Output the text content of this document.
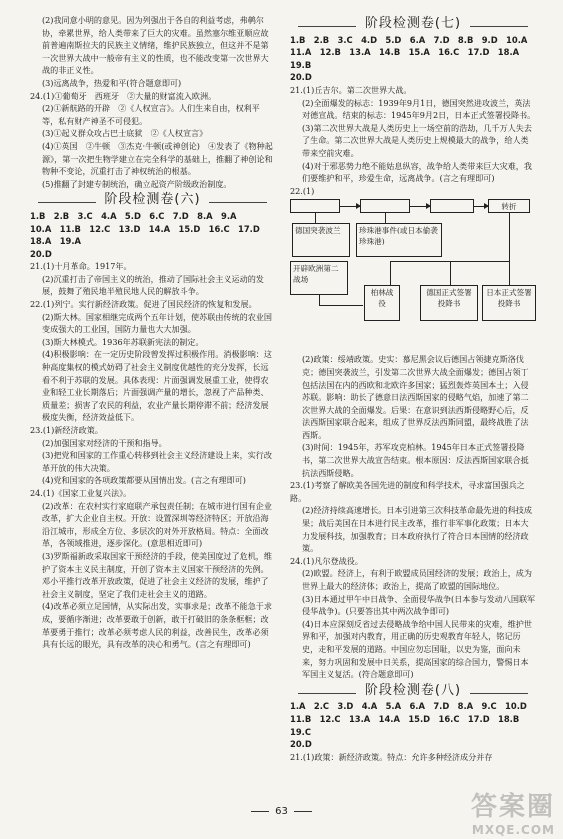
(2)我同意小明的意见。因为列强出于各自的利益考虑，弗鹌尔协，牵累世界，给人类带来了巨大的灾难。虽然塞尔维亚顺应故前普遍南斯拉夫的民族主义情绪，维护民族独立，但这并不是第一次世界大战中一般帝有主义的性质，也不能改变第一次世界大战的非正义性。

(3)远离战争，热爱和平(符合题意即可)

24.(1)①葡萄牙　西班牙　②大量的财富流入欧洲。

(2)①新航路的开辟　②《人权宣言》。人们生来自由，权利平等，私有财产神圣不可侵犯。

(3)①起义群众攻占巴士底狱　②《人权宣言》

(4)①英国　②牛顿　③杰克·牛顿(或神创论)　④发表了《物种起源》，第一次把生物学建立在完全科学的基础上，推翻了神创论和物种不变论，沉重打击了神权统治的根基。

(5)推翻了封建专制统治，确立起资产阶级政治制度。

阶段检测卷(六)

1.B　2.B　3.C　4.A　5.D　6.C　7.D　8.A　9.A

10.A　11.B　12.C　13.D　14.A　15.D　16.C　17.D　18.A　19.A

20.D

21.(1)十月革命。1917年。

(2)沉重打击了帝国主义的统治，推动了国际社会主义运动的发展，鼓舞了殖民地半殖民地人民的解放斗争。

22.(1)列宁。实行新经济政策。促进了国民经济的恢复和发展。

(2)斯大林。国家相继完成两个五年计划，使苏联由传统的农业国变成强大的工业国，国防力量也大大加强。

(3)斯大林模式。1936年苏联新宪法的制定。

(4)积极影响：在一定历史阶段曾发挥过积极作用。消极影响：这种高度集权的模式妨碍了社会主义制度优越性的充分发挥，长远看不利于苏联的发展。具体表现：片面强调发展重工业，使得农业和轻工业长期落后；片面强调产量的增长，忽视了产品种类、质量差；损害了农民的利益，农业产量长期停滞不前；经济发展极度失衡，经济效益低下。

23.(1)新经济政策。

(2)加强国家对经济的干预和指导。

(3)把党和国家的工作重心转移到社会主义经济建设上来，实行改革开放的伟大决策。

(4)党和国家的各项政策都要从国情出发。(言之有理即可)

24.(1)《国家工业复兴法》。

(2)改革：在农村实行家庭联产承包责任制；在城市进行国有企业改革，扩大企业自主权。开放：设置深圳等经济特区；开放沿海沿江城市，形成全方位、多层次的对外开放格局。特点：全面改革，各领域推进，逐步深化。(意思相近即可)

(3)罗斯福新政采取国家干预经济的手段，使美国度过了危机，维护了资本主义民主制度，开创了资本主义国家干预经济的先例。邓小平推行改革开放政策，促进了社会主义经济的发展，维护了社会主义制度，坚定了我们走社会主义的道路。

(4)改革必须立足国情，从实际出发，实事求是；改革不能急于求成，要循序渐进；改革要敢于创新，敢于打破旧的条条框框；改革要勇于推行；改革必须考虑人民的利益，改善民生，改革必须具有长远的眼光，具有改革的决心和勇气。(言之有理即可)

阶段检测卷(七)

1.B　2.B　3.C　4.D　5.D　6.A　7.D　8.B　9.D　10.A

11.A　12.B　13.A　14.B　15.A　16.C　17.D　18.A　19.B

20.D

21.(1)丘吉尔。第二次世界大战。

(2)全面爆发的标志：1939年9月1日，德国突然进攻波兰，英法对德宣战。结束的标志：1945年9月2日，日本正式签署投降书。

(3)第二次世界大战是人类历史上一场空前的浩劫，几千万人失去了生命。第二次世界大战是人类历史上规模最大的战争，给人类带来空前灾难。

(4)对于邪恶势力绝不能姑息纵容，战争给人类带来巨大灾难，我们要维护和平，珍爱生命，远离战争。(言之有理即可)

22.(1)

转折
德国突袭波兰	珍珠港事件(或日本偷袭珍珠港)
开辟欧洲第二战场
柏林战役
德国正式签署投降书
日本正式签署投降书

(2)政策：绥靖政策。史实：慕尼黑会议后德国占领捷克斯洛伐克；德国突袭波兰，引发第二次世界大战全面爆发；德国占领丁包括法国在内的西欧和北欧许多国家；猛烈轰炸英国本土；入侵苏联。影响：助长了德意日法西斯国家的侵略气焰，加速了第二次世界大战的全面爆发。后果：在意识到法西斯侵略野心后，反法西斯国家联合起来，组成了世界反法西斯同盟，最终战胜了法西斯。

(3)时间：1945年，苏军攻克柏林。1945年日本正式签署投降书，第二次世界大战宣告结束。根本原因：反法西斯国家联合抵抗法西斯侵略。

23.(1)考察了解欧美各国先进的制度和科学技术，寻求富国强兵之路。

(2)经济持续高速增长。日本引进第三次科技革命最先进的科技成果；战后美国在日本进行民主改革，推行非军事化政策；日本大力发展科技，加强教育；日本政府执行了符合日本国情的经济政策。

24.(1)凡尔登战役。

(2)欧盟。经济上，有利于欧盟成员国经济的发展；政治上，成为世界上最大的经济体；政治上，提高了欧盟的国际地位。

(3)日本通过甲午中日战争、全面侵华战争(日本参与发动八国联军侵华战争)。(只要答出其中两次战争即可)

(4)日本应深刻反省过去侵略战争给中国人民带来的灾难，维护世界和平，加强对内教育，用正确的历史观教育年轻人，铭记历史，走和平发展的道路。中国应勿忘国耻，以史为鉴，面向未来，努力巩固和发展中日关系，提高国家的综合国力，警惕日本军国主义复活。(符合题意即可)

阶段检测卷(八)

1.A　2.C　3.D　4.A　5.A　6.A　7.D　8.A　9.C　10.D

11.B　12.C　13.A　14.A　15.D　16.C　17.D　18.B　19.C

20.D

21.(1)政策：新经济政策。特点：允许多种经济成分并存

63	答案圈
MXQE.COM
